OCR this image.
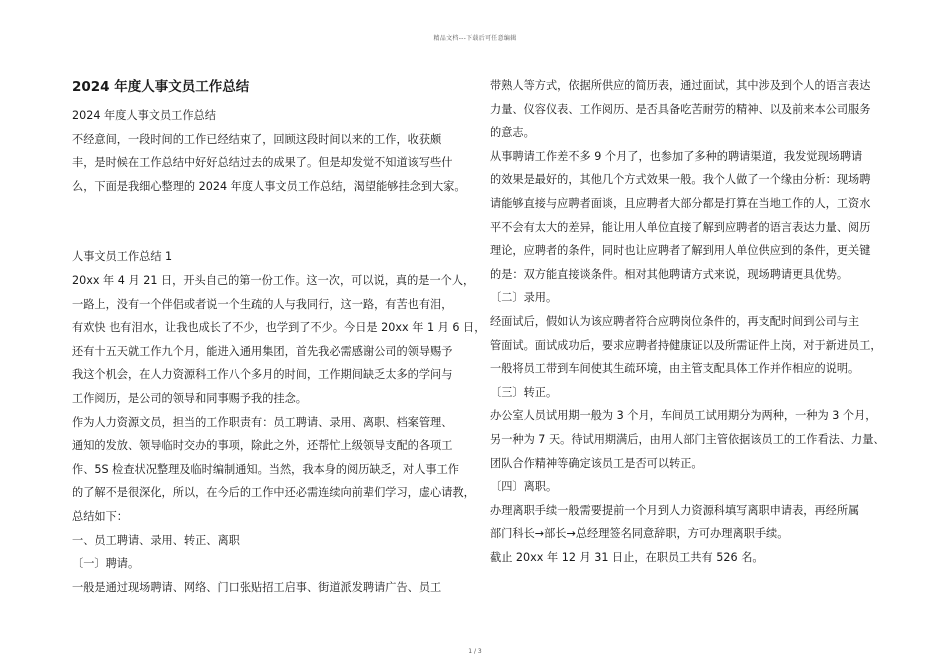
精品文档---下载后可任意编辑
2024 年度人事文员工作总结
2024 年度人事文员工作总结
不经意间，一段时间的工作已经结束了，回顾这段时间以来的工作，收获颇
丰，是时候在工作总结中好好总结过去的成果了。但是却发觉不知道该写些什
么，下面是我细心整理的 2024 年度人事文员工作总结，渴望能够挂念到大家。
人事文员工作总结 1
20xx 年 4 月 21 日，开头自己的第一份工作。这一次，可以说，真的是一个人，
一路上，没有一个伴侣或者说一个生疏的人与我同行，这一路，有苦也有泪，
有欢快 也有泪水，让我也成长了不少，也学到了不少。今日是 20xx 年 1 月 6 日，
还有十五天就工作九个月，能进入通用集团，首先我必需感谢公司的领导赐予
我这个机会，在人力资源科工作八个多月的时间，工作期间缺乏太多的学问与
工作阅历，是公司的领导和同事赐予我的挂念。
作为人力资源文员，担当的工作职责有：员工聘请、录用、离职、档案管理、
通知的发放、领导临时交办的事项，除此之外，还帮忙上级领导支配的各项工
作、5S 检查状况整理及临时编制通知。当然，我本身的阅历缺乏，对人事工作
的了解不是很深化，所以，在今后的工作中还必需连续向前辈们学习，虚心请教，
总结如下：
一、员工聘请、录用、转正、离职
〔一〕聘请。
一般是通过现场聘请、网络、门口张贴招工启事、街道派发聘请广告、员工
带熟人等方式，依据所供应的简历表，通过面试，其中涉及到个人的语言表达
力量、仪容仪表、工作阅历、是否具备吃苦耐劳的精神、以及前来本公司服务
的意志。
从事聘请工作差不多 9 个月了，也参加了多种的聘请渠道，我发觉现场聘请
的效果是最好的，其他几个方式效果一般。我个人做了一个缘由分析：现场聘
请能够直接与应聘者面谈，且应聘者大部分都是打算在当地工作的人，工资水
平不会有太大的差异，能让用人单位直接了解到应聘者的语言表达力量、阅历
理论，应聘者的条件，同时也让应聘者了解到用人单位供应到的条件，更关键
的是：双方能直接谈条件。相对其他聘请方式来说，现场聘请更具优势。
〔二〕录用。
经面试后，假如认为该应聘者符合应聘岗位条件的，再支配时间到公司与主
管面试。面试成功后，要求应聘者持健康证以及所需证件上岗，对于新进员工，
一般将员工带到车间使其生疏环境，由主管支配具体工作并作相应的说明。
〔三〕转正。
办公室人员试用期一般为 3 个月，车间员工试用期分为两种，一种为 3 个月，
另一种为 7 天。待试用期满后，由用人部门主管依据该员工的工作看法、力量、
团队合作精神等确定该员工是否可以转正。
〔四〕离职。
办理离职手续一般需要提前一个月到人力资源科填写离职申请表，再经所属
部门科长→部长→总经理签名同意辞职，方可办理离职手续。
截止 20xx 年 12 月 31 日止，在职员工共有 526 名。
1 / 3
